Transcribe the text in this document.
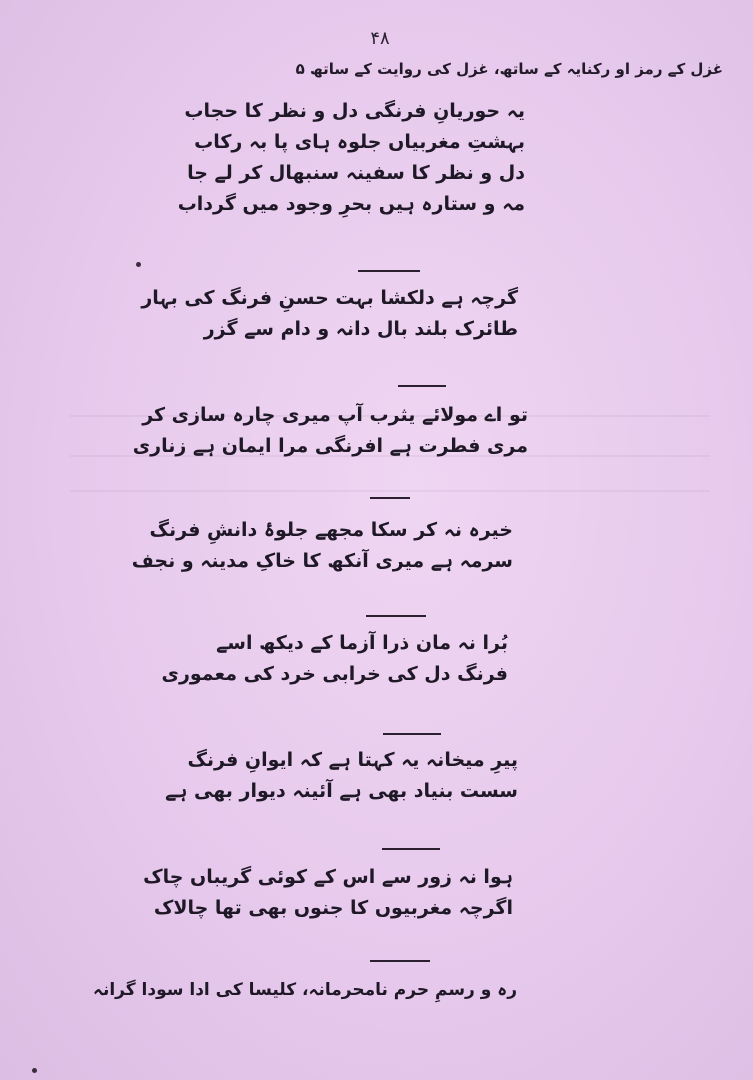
۴۸
غزل کے رمز او رکنایہ کے ساتھ، غزل کی روایت کے ساتھ ۵
یہ حوریانِ فرنگی دل و نظر کا حجاب
بہشتِ مغربیاں جلوہ ہای پا بہ رکاب
دل و نظر کا سفینہ سنبھال کر لے جا
مہ و ستارہ ہیں بحرِ وجود میں گرداب
گرچہ ہے دلکشا بہت حسنِ فرنگ کی بہار
طائرک بلند بال دانہ و دام سے گزر
تو اے مولائے یثرب آپ میری چارہ سازی کر
مری فطرت ہے افرنگی مرا ایمان ہے زناری
خیرہ نہ کر سکا مجھے جلوۂ دانشِ فرنگ
سرمہ ہے میری آنکھ کا خاکِ مدینہ و نجف
بُرا نہ مان ذرا آزما کے دیکھ اسے
فرنگ دل کی خرابی خرد کی معموری
پیرِ میخانہ یہ کہتا ہے کہ ایوانِ فرنگ
سست بنیاد بھی ہے آئینہ دیوار بھی ہے
ہوا نہ زور سے اس کے کوئی گریباں چاک
اگرچہ مغربیوں کا جنوں بھی تھا چالاک
رہ و رسمِ حرم نامحرمانہ، کلیسا کی ادا سودا گرانہ
